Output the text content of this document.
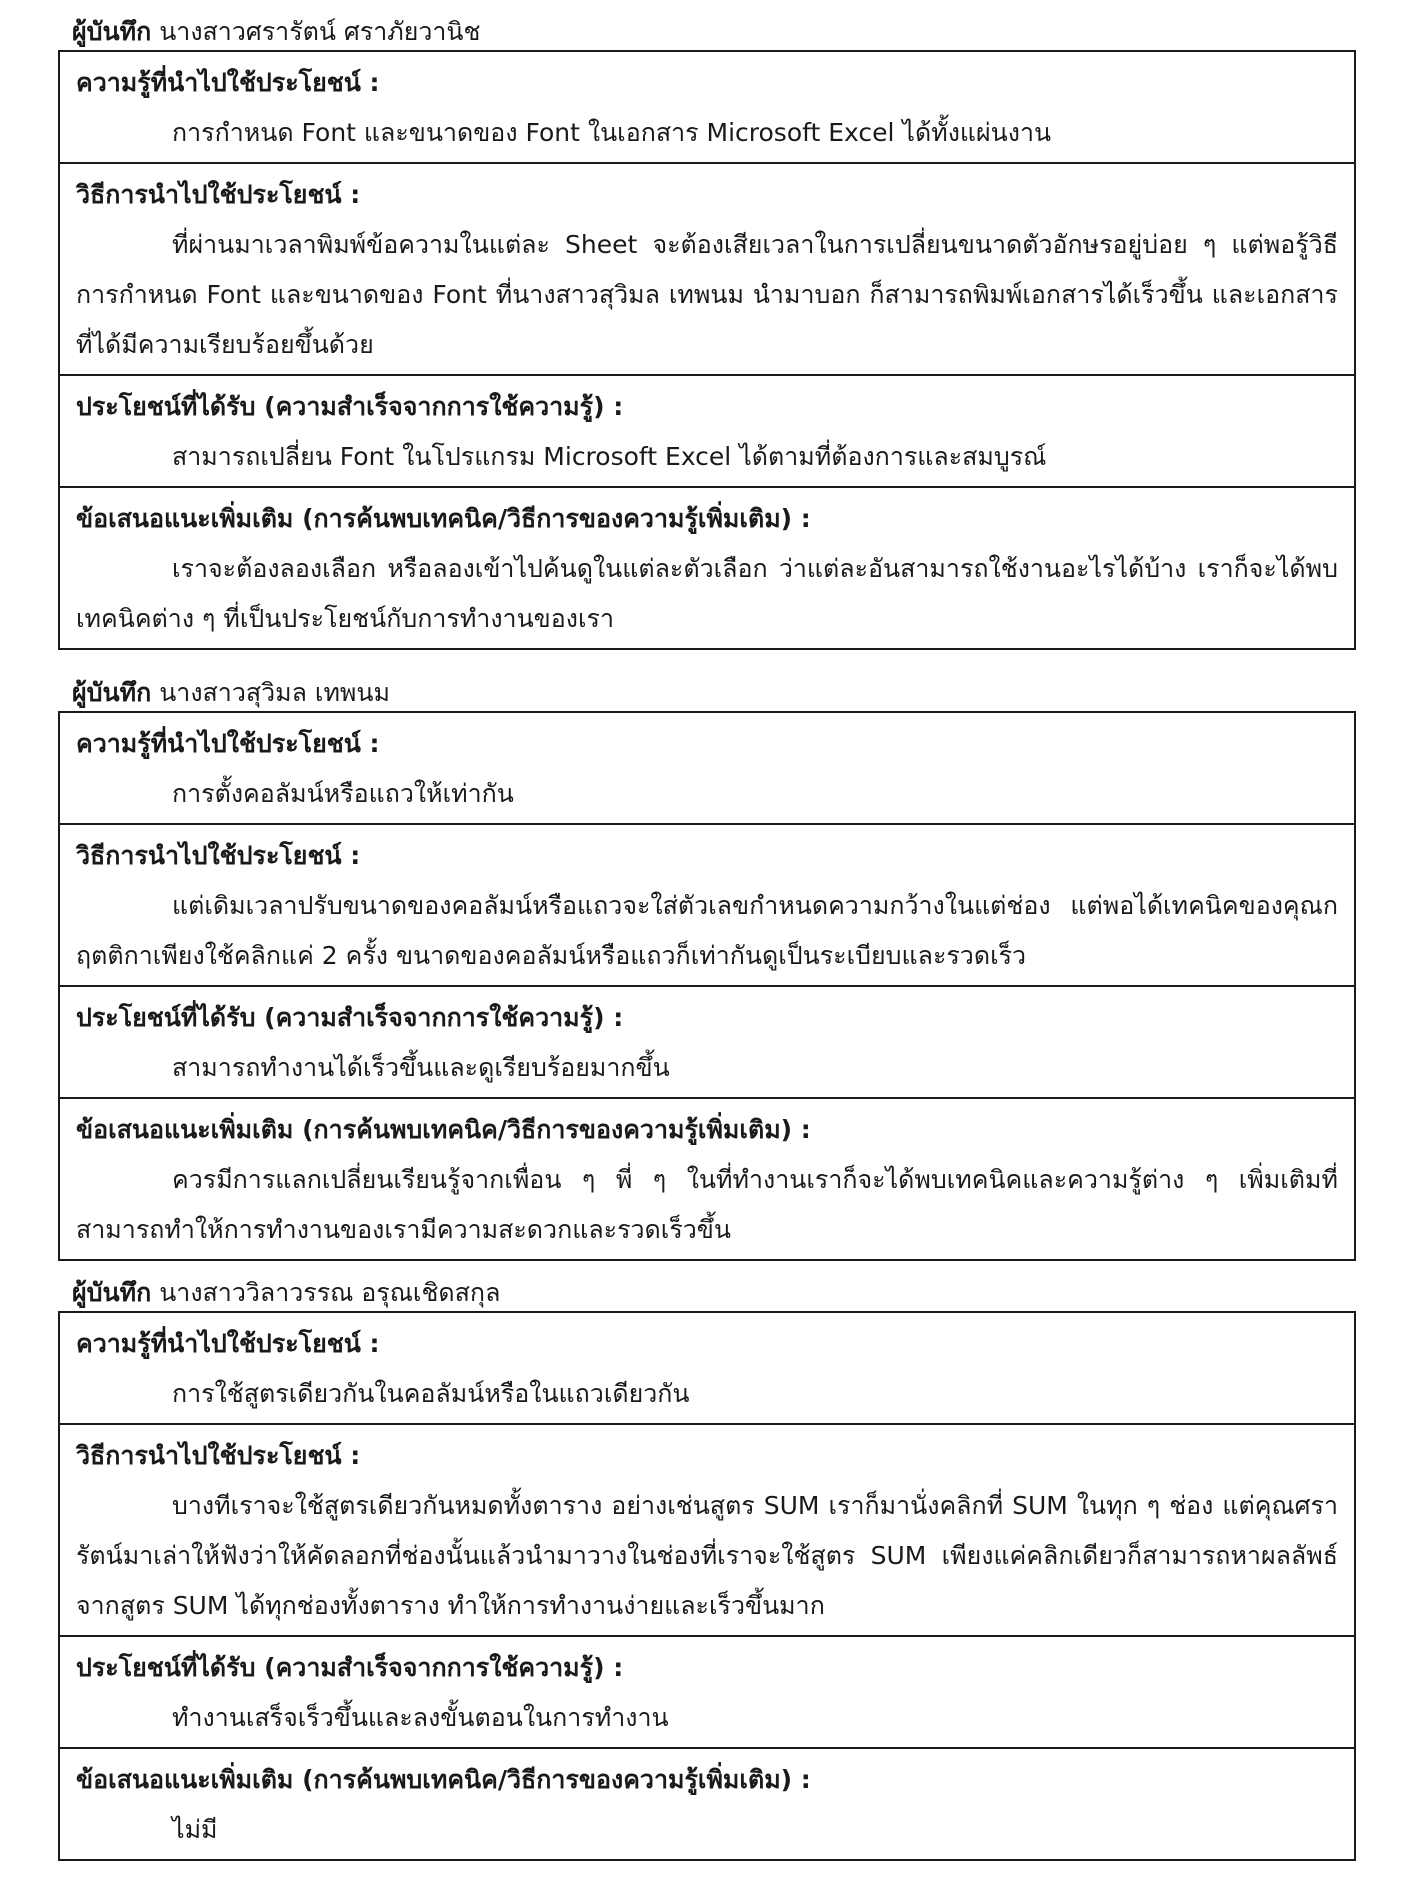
ผู้บันทึก นางสาวศรารัตน์ ศราภัยวานิช
ความรู้ที่นำไปใช้ประโยชน์ :
การกำหนด Font และขนาดของ Font ในเอกสาร Microsoft Excel ได้ทั้งแผ่นงาน
วิธีการนำไปใช้ประโยชน์ :
ที่ผ่านมาเวลาพิมพ์ข้อความในแต่ละ Sheet จะต้องเสียเวลาในการเปลี่ยนขนาดตัวอักษรอยู่บ่อย ๆ แต่พอรู้วิธีการกำหนด Font และขนาดของ Font ที่นางสาวสุวิมล เทพนม นำมาบอก ก็สามารถพิมพ์เอกสารได้เร็วขึ้น และเอกสารที่ได้มีความเรียบร้อยขึ้นด้วย
ประโยชน์ที่ได้รับ (ความสำเร็จจากการใช้ความรู้) :
สามารถเปลี่ยน Font ในโปรแกรม Microsoft Excel ได้ตามที่ต้องการและสมบูรณ์
ข้อเสนอแนะเพิ่มเติม (การค้นพบเทคนิค/วิธีการของความรู้เพิ่มเติม) :
เราจะต้องลองเลือก หรือลองเข้าไปค้นดูในแต่ละตัวเลือก ว่าแต่ละอันสามารถใช้งานอะไรได้บ้าง เราก็จะได้พบเทคนิคต่าง ๆ ที่เป็นประโยชน์กับการทำงานของเรา
ผู้บันทึก นางสาวสุวิมล เทพนม
ความรู้ที่นำไปใช้ประโยชน์ :
การตั้งคอลัมน์หรือแถวให้เท่ากัน
วิธีการนำไปใช้ประโยชน์ :
แต่เดิมเวลาปรับขนาดของคอลัมน์หรือแถวจะใส่ตัวเลขกำหนดความกว้างในแต่ช่อง แต่พอได้เทคนิคของคุณกฤตติกาเพียงใช้คลิกแค่ 2 ครั้ง ขนาดของคอลัมน์หรือแถวก็เท่ากันดูเป็นระเบียบและรวดเร็ว
ประโยชน์ที่ได้รับ (ความสำเร็จจากการใช้ความรู้) :
สามารถทำงานได้เร็วขึ้นและดูเรียบร้อยมากขึ้น
ข้อเสนอแนะเพิ่มเติม (การค้นพบเทคนิค/วิธีการของความรู้เพิ่มเติม) :
ควรมีการแลกเปลี่ยนเรียนรู้จากเพื่อน ๆ พี่ ๆ ในที่ทำงานเราก็จะได้พบเทคนิคและความรู้ต่าง ๆ เพิ่มเติมที่สามารถทำให้การทำงานของเรามีความสะดวกและรวดเร็วขึ้น
ผู้บันทึก นางสาววิลาวรรณ อรุณเชิดสกุล
ความรู้ที่นำไปใช้ประโยชน์ :
การใช้สูตรเดียวกันในคอลัมน์หรือในแถวเดียวกัน
วิธีการนำไปใช้ประโยชน์ :
บางทีเราจะใช้สูตรเดียวกันหมดทั้งตาราง อย่างเช่นสูตร SUM เราก็มานั่งคลิกที่ SUM ในทุก ๆ ช่อง แต่คุณศรารัตน์มาเล่าให้ฟังว่าให้คัดลอกที่ช่องนั้นแล้วนำมาวางในช่องที่เราจะใช้สูตร SUM เพียงแค่คลิกเดียวก็สามารถหาผลลัพธ์จากสูตร SUM ได้ทุกช่องทั้งตาราง ทำให้การทำงานง่ายและเร็วขึ้นมาก
ประโยชน์ที่ได้รับ (ความสำเร็จจากการใช้ความรู้) :
ทำงานเสร็จเร็วขึ้นและลงขั้นตอนในการทำงาน
ข้อเสนอแนะเพิ่มเติม (การค้นพบเทคนิค/วิธีการของความรู้เพิ่มเติม) :
ไม่มี
